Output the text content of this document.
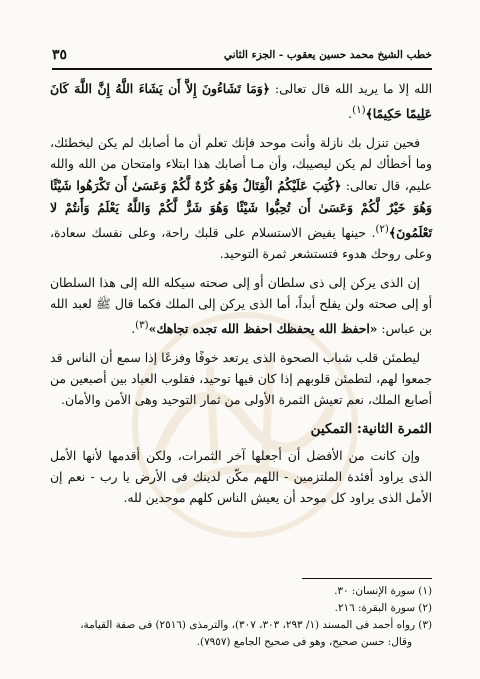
خطب الشيخ محمد حسين يعقوب - الجزء الثاني
٣٥

الله إلا ما يريد الله قال تعالى: ﴿وَمَا تَشَاءُونَ إِلاَّ أَن يَشَاءَ اللَّهُ إِنَّ اللَّهَ كَانَ عَلِيمًا حَكِيمًا﴾$^{(١)}$.

فحين تنزل بك نازلة وأنت موحد فإنك تعلم أن ما أصابك لم يكن ليخطئك، وما أخطأك لم يكن ليصيبك، وأن مـا أصابك هذا ابتلاء وامتحان من الله والله عليم، قال تعالى: ﴿كُتِبَ عَلَيْكُمُ الْقِتَالُ وَهُوَ كُرْهٌ لَّكُمْ وَعَسَىٰ أَن تَكْرَهُوا شَيْئًا وَهُوَ خَيْرٌ لَّكُمْ وَعَسَىٰ أَن تُحِبُّوا شَيْئًا وَهُوَ شَرٌّ لَّكُمْ وَاللَّهُ يَعْلَمُ وَأَنتُمْ لا تَعْلَمُونَ﴾$^{(٢)}$. حينها يفيض الاستسلام على قلبك راحة، وعلى نفسك سعادة، وعلى روحك هدوء فتستشعر ثمرة التوحيد.

إن الذى يركن إلى ذى سلطان أو إلى صحته سيكله الله إلى هذا السلطان أو إلى صحته ولن يفلح أبداً، أما الذى يركن إلى الملك فكما قال ﷺ لعبد الله بن عباس: «احفظ الله يحفظك احفظ الله تجده تجاهك»$^{(٣)}$.

ليطمئن قلب شباب الصحوة الذى يرتعد خوفًا وفزعًا إذا سمع أن الناس قد جمعوا لهم، لتطمئن قلوبهم إذا كان فيها توحيد، فقلوب العباد بين أصبعين من أصابع الملك، نعم تعيش الثمرة الأولى من ثمار التوحيد وهى الأمن والأمان.

الثمرة الثانية: التمكين

وإن كانت من الأفضل أن أجعلها آخر الثمرات، ولكن أقدمها لأنها الأمل الذى يراود أفئدة الملتزمين - اللهم مكّن لدينك فى الأرض يا رب - نعم إن الأمل الذى يراود كل موحد أن يعيش الناس كلهم موحدين لله.

(١) سورة الإنسان: ٣٠.
(٢) سورة البقرة: ٢١٦.
(٣) رواه أحمد فى المسند (١/ ٢٩٣، ٣٠٣، ٣٠٧)، والترمذى (٢٥١٦) فى صفة القيامة،
وقال: حسن صحيح، وهو فى صحيح الجامع (٧٩٥٧).
